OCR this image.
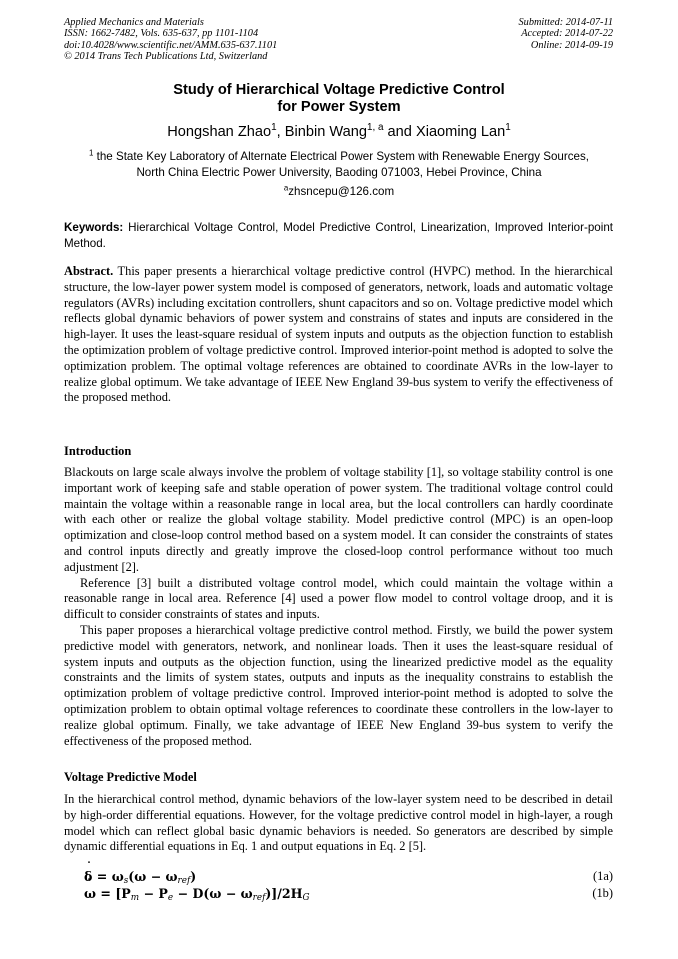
Applied Mechanics and Materials
ISSN: 1662-7482, Vols. 635-637, pp 1101-1104
doi:10.4028/www.scientific.net/AMM.635-637.1101
© 2014 Trans Tech Publications Ltd, Switzerland
Submitted: 2014-07-11
Accepted: 2014-07-22
Online: 2014-09-19
Study of Hierarchical Voltage Predictive Control
for Power System
Hongshan Zhao$^1$, Binbin Wang$^{1, a}$ and Xiaoming Lan$^1$
$^1$ the State Key Laboratory of Alternate Electrical Power System with Renewable Energy Sources,
North China Electric Power University, Baoding 071003, Hebei Province, China
$^a$zhsncepu@126.com
Keywords: Hierarchical Voltage Control, Model Predictive Control, Linearization, Improved Interior-point Method.
Abstract. This paper presents a hierarchical voltage predictive control (HVPC) method. In the hierarchical structure, the low-layer power system model is composed of generators, network, loads and automatic voltage regulators (AVRs) including excitation controllers, shunt capacitors and so on. Voltage predictive model which reflects global dynamic behaviors of power system and constrains of states and inputs are considered in the high-layer. It uses the least-square residual of system inputs and outputs as the objection function to establish the optimization problem of voltage predictive control. Improved interior-point method is adopted to solve the optimization problem. The optimal voltage references are obtained to coordinate AVRs in the low-layer to realize global optimum. We take advantage of IEEE New England 39-bus system to verify the effectiveness of the proposed method.
Introduction

Blackouts on large scale always involve the problem of voltage stability [1], so voltage stability control is one important work of keeping safe and stable operation of power system. The traditional voltage control could maintain the voltage within a reasonable range in local area, but the local controllers can hardly coordinate with each other or realize the global voltage stability. Model predictive control (MPC) is an open-loop optimization and close-loop control method based on a system model. It can consider the constraints of states and control inputs directly and greatly improve the closed-loop control performance without too much adjustment [2].

Reference [3] built a distributed voltage control model, which could maintain the voltage within a reasonable range in local area. Reference [4] used a power flow model to control voltage droop, and it is difficult to consider constraints of states and inputs.

This paper proposes a hierarchical voltage predictive control method. Firstly, we build the power system predictive model with generators, network, and nonlinear loads. Then it uses the least-square residual of system inputs and outputs as the objection function, using the linearized predictive model as the equality constraints and the limits of system states, outputs and inputs as the inequality constrains to establish the optimization problem of voltage predictive control. Improved interior-point method is adopted to solve the optimization problem to obtain optimal voltage references to coordinate these controllers in the low-layer to realize global optimum. Finally, we take advantage of IEEE New England 39-bus system to verify the effectiveness of the proposed method.

Voltage Predictive Model
In the hierarchical control method, dynamic behaviors of the low-layer system need to be described in detail by high-order differential equations. However, for the voltage predictive control model in high-layer, a rough model which can reflect global basic dynamic behaviors is needed. So generators are described by simple dynamic differential equations in Eq. 1 and output equations in Eq. 2 [5].
δ ˙ = $\omega_s(\omega - \omega_{ref})$	(1a)
ω ˙ = $[P_m - P_e - D(\omega - \omega_{ref})]/2H_G$	(1b)
